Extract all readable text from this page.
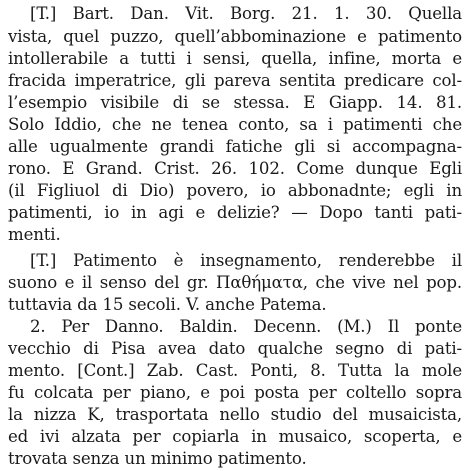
[T.] Bart. Dan. Vit. Borg. 21. 1. 30. Quella
vista, quel puzzo, quell’abbominazione e patimento
intollerabile a tutti i sensi, quella, infine, morta e
fracida imperatrice, gli pareva sentita predicare col-
l’esempio visibile di se stessa. E Giapp. 14. 81.
Solo Iddio, che ne tenea conto, sa i patimenti che
alle ugualmente grandi fatiche gli si accompagna-
rono. E Grand. Crist. 26. 102. Come dunque Egli
(il Figliuol di Dio) povero, io abbonadnte; egli in
patimenti, io in agi e delizie? — Dopo tanti pati-
menti.
[T.] Patimento è insegnamento, renderebbe il
suono e il senso del gr. Παθήματα, che vive nel pop.
tuttavia da 15 secoli. V. anche Patema.
2. Per Danno. Baldin. Decenn. (M.) Il ponte
vecchio di Pisa avea dato qualche segno di pati-
mento. [Cont.] Zab. Cast. Ponti, 8. Tutta la mole
fu colcata per piano, e poi posta per coltello sopra
la nizza K, trasportata nello studio del musaicista,
ed ivi alzata per copiarla in musaico, scoperta, e
trovata senza un minimo patimento.
